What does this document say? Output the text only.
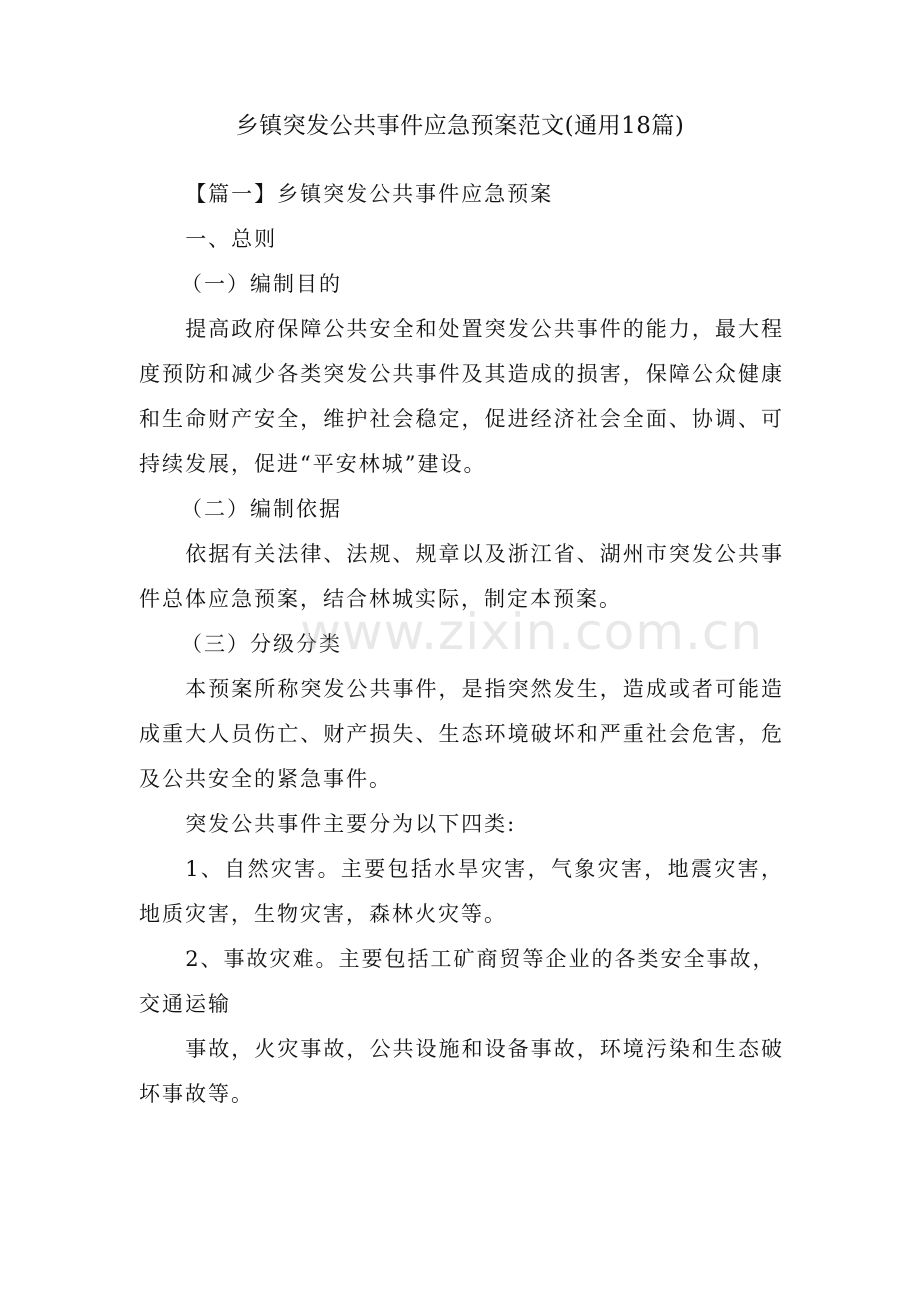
乡镇突发公共事件应急预案范文(通用18篇)

【篇一】乡镇突发公共事件应急预案

一、总则

（一）编制目的

提高政府保障公共安全和处置突发公共事件的能力，最大程度预防和减少各类突发公共事件及其造成的损害，保障公众健康和生命财产安全，维护社会稳定，促进经济社会全面、协调、可持续发展，促进“平安林城”建设。

（二）编制依据

依据有关法律、法规、规章以及浙江省、湖州市突发公共事件总体应急预案，结合林城实际，制定本预案。

（三）分级分类

本预案所称突发公共事件，是指突然发生，造成或者可能造成重大人员伤亡、财产损失、生态环境破坏和严重社会危害，危及公共安全的紧急事件。

突发公共事件主要分为以下四类:

1、自然灾害。主要包括水旱灾害，气象灾害，地震灾害，地质灾害，生物灾害，森林火灾等。

2、事故灾难。主要包括工矿商贸等企业的各类安全事故，

交通运输

事故，火灾事故，公共设施和设备事故，环境污染和生态破坏事故等。

www.zixin.com.cn
